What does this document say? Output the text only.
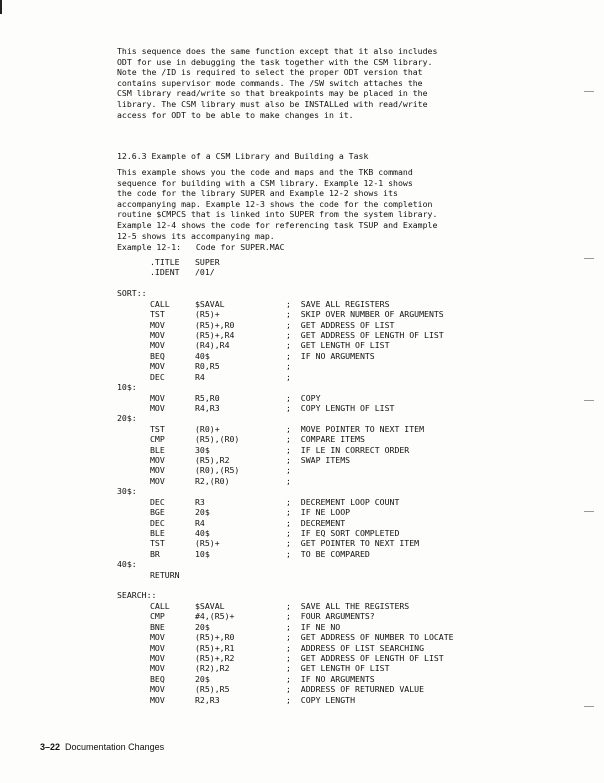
This sequence does the same function except that it also includes
ODT for use in debugging the task together with the CSM library.
Note the /ID is required to select the proper ODT version that
contains supervisor mode commands. The /SW switch attaches the
CSM library read/write so that breakpoints may be placed in the
library. The CSM library must also be INSTALLed with read/write
access for ODT to be able to make changes in it.
12.6.3 Example of a CSM Library and Building a Task
This example shows you the code and maps and the TKB command
sequence for building with a CSM library. Example 12-1 shows
the code for the library SUPER and Example 12-2 shows its
accompanying map. Example 12-3 shows the code for the completion
routine $CMPCS that is linked into SUPER from the system library.
Example 12-4 shows the code for referencing task TSUP and Example
12-5 shows its accompanying map.
Example 12-1:   Code for SUPER.MAC
.TITLE SUPER
.IDENT /01/
SORT::
CALL	$SAVAL	;  SAVE ALL REGISTERS
TST	(R5)+	;  SKIP OVER NUMBER OF ARGUMENTS
MOV	(R5)+,R0	;  GET ADDRESS OF LIST
MOV	(R5)+,R4	;  GET ADDRESS OF LENGTH OF LIST
MOV	(R4),R4	;  GET LENGTH OF LIST
BEQ	40$	;  IF NO ARGUMENTS
MOV	R0,R5	;
DEC	R4	;
10$:
MOV	R5,R0	;  COPY
MOV	R4,R3	;  COPY LENGTH OF LIST
20$:
TST	(R0)+	;  MOVE POINTER TO NEXT ITEM
CMP	(R5),(R0)	;  COMPARE ITEMS
BLE	30$	;  IF LE IN CORRECT ORDER
MOV	(R5),R2	;  SWAP ITEMS
MOV	(R0),(R5)	;
MOV	R2,(R0)	;
30$:
DEC	R3	;  DECREMENT LOOP COUNT
BGE	20$	;  IF NE LOOP
DEC	R4	;  DECREMENT
BLE	40$	;  IF EQ SORT COMPLETED
TST	(R5)+	;  GET POINTER TO NEXT ITEM
BR	10$	;  TO BE COMPARED
40$:
RETURN
SEARCH::
CALL	$SAVAL	;  SAVE ALL THE REGISTERS
CMP	#4,(R5)+	;  FOUR ARGUMENTS?
BNE	20$	;  IF NE NO
MOV	(R5)+,R0	;  GET ADDRESS OF NUMBER TO LOCATE
MOV	(R5)+,R1	;  ADDRESS OF LIST SEARCHING
MOV	(R5)+,R2	;  GET ADDRESS OF LENGTH OF LIST
MOV	(R2),R2	;  GET LENGTH OF LIST
BEQ	20$	;  IF NO ARGUMENTS
MOV	(R5),R5	;  ADDRESS OF RETURNED VALUE
MOV	R2,R3	;  COPY LENGTH
3–22 Documentation Changes
